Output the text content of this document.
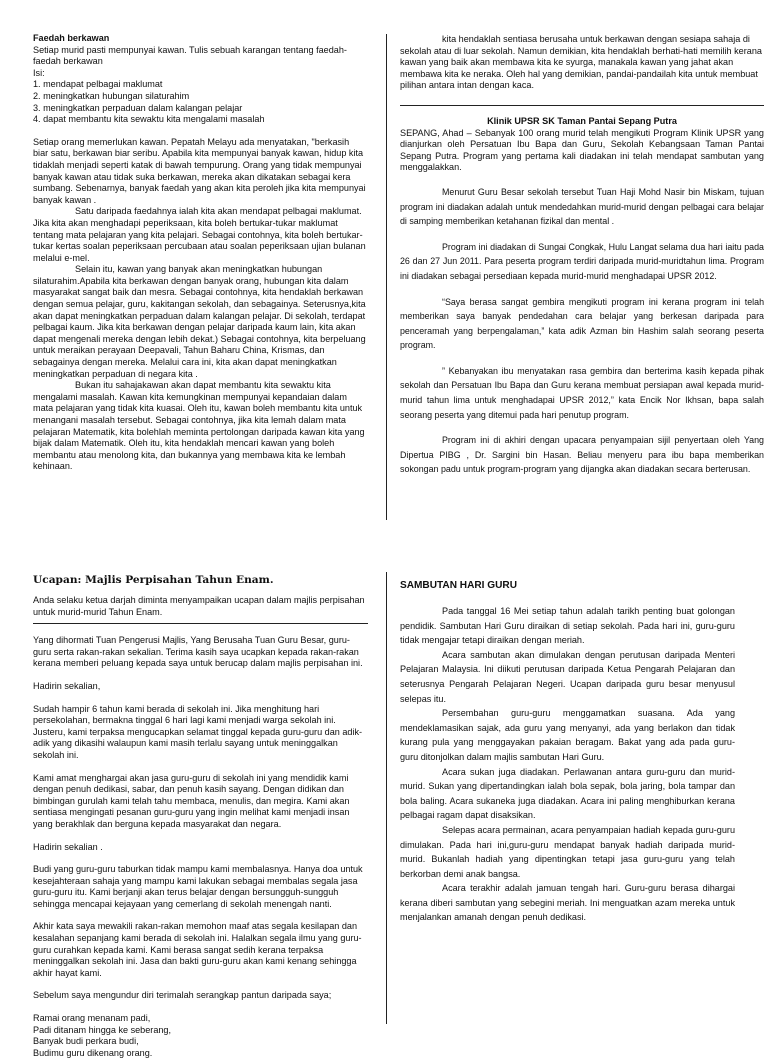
Faedah berkawan

Setiap murid pasti mempunyai kawan. Tulis sebuah karangan tentang faedah-faedah berkawan

Isi:

1. mendapat pelbagai maklumat

2. meningkatkan hubungan silaturahim

3. meningkatkan perpaduan dalam kalangan pelajar

4. dapat membantu kita sewaktu kita mengalami masalah

Setiap orang memerlukan kawan. Pepatah Melayu ada menyatakan, "berkasih biar satu, berkawan biar seribu. Apabila kita mempunyai banyak kawan, hidup kita tidaklah menjadi seperti katak di bawah tempurung. Orang yang tidak mempunyai banyak kawan atau tidak suka berkawan, mereka akan dikatakan sebagai kera sumbang. Sebenarnya, banyak faedah yang akan kita peroleh jika kita mempunyai banyak kawan .

Satu daripada faedahnya ialah kita akan mendapat pelbagai maklumat. Jika kita akan menghadapi peperiksaan, kita boleh bertukar-tukar maklumat tentang mata pelajaran yang kita pelajari. Sebagai contohnya, kita boleh bertukar-tukar kertas soalan peperiksaan percubaan atau soalan peperiksaan ujian bulanan melalui e-mel.

Selain itu, kawan yang banyak akan meningkatkan hubungan silaturahim.Apabila kita berkawan dengan banyak orang, hubungan kita dalam masyarakat sangat baik dan mesra. Sebagai contohnya, kita hendaklah berkawan dengan semua pelajar, guru, kakitangan sekolah, dan sebagainya. Seterusnya,kita akan dapat meningkatkan perpaduan dalam kalangan pelajar. Di sekolah, terdapat pelbagai kaum. Jika kita berkawan dengan pelajar daripada kaum lain, kita akan dapat mengenali mereka dengan lebih dekat.) Sebagai contohnya, kita berpeluang untuk meraikan perayaan Deepavali, Tahun Baharu China, Krismas, dan sebagainya dengan mereka. Melalui cara ini, kita akan dapat meningkatkan meningkatkan perpaduan di negara kita .

Bukan itu sahajakawan akan dapat membantu kita sewaktu kita mengalami masalah. Kawan kita kemungkinan mempunyai kepandaian dalam mata pelajaran yang tidak kita kuasai. Oleh itu, kawan boleh membantu kita untuk menangani masalah tersebut. Sebagai contohnya, jika kita lemah dalam mata pelajaran Matematik, kita bolehlah meminta pertolongan daripada kawan kita yang bijak dalam Matematik. Oleh itu, kita hendaklah mencari kawan yang boleh membantu atau menolong kita, dan bukannya yang membawa kita ke lembah kehinaan.

kita hendaklah sentiasa berusaha untuk berkawan dengan sesiapa sahaja di sekolah atau di luar sekolah. Namun demikian, kita hendaklah berhati-hati memilih kerana kawan yang baik akan membawa kita ke syurga, manakala kawan yang jahat akan membawa kita ke neraka. Oleh hal yang demikian, pandai-pandailah kita untuk membuat pilihan antara intan dengan kaca.

Klinik UPSR SK Taman Pantai Sepang Putra

SEPANG, Ahad – Sebanyak 100 orang murid telah mengikuti Program Klinik UPSR yang dianjurkan oleh Persatuan Ibu Bapa dan Guru, Sekolah Kebangsaan Taman Pantai Sepang Putra. Program yang pertama kali diadakan ini telah mendapat sambutan yang menggalakkan.

Menurut Guru Besar sekolah tersebut Tuan Haji Mohd Nasir bin Miskam, tujuan program ini diadakan adalah untuk mendedahkan murid-murid dengan pelbagai cara belajar di samping memberikan ketahanan fizikal dan mental .

Program ini diadakan di Sungai Congkak, Hulu Langat selama dua hari iaitu pada 26 dan 27 Jun 2011. Para peserta program terdiri daripada murid-muridtahun lima. Program ini diadakan sebagai persediaan kepada murid-murid menghadapai UPSR 2012.

“Saya berasa sangat gembira mengikuti program ini kerana program ini telah memberikan saya banyak pendedahan cara belajar yang berkesan daripada para penceramah yang berpengalaman,” kata adik Azman bin Hashim salah seorang peserta program.

” Kebanyakan ibu menyatakan rasa gembira dan berterima kasih kepada pihak sekolah dan Persatuan Ibu Bapa dan Guru kerana membuat persiapan awal kepada murid-murid tahun lima untuk menghadapai UPSR 2012,” kata Encik Nor Ikhsan, bapa salah seorang peserta yang ditemui pada hari penutup program.

Program ini di akhiri dengan upacara penyampaian sijil penyertaan oleh Yang Dipertua PIBG , Dr. Sargini bin Hasan. Beliau menyeru para ibu bapa memberikan sokongan padu untuk program-program yang dijangka akan diadakan secara berterusan.

Ucapan: Majlis Perpisahan Tahun Enam.

Anda selaku ketua darjah diminta menyampaikan ucapan dalam majlis perpisahan untuk murid-murid Tahun Enam.

Yang dihormati Tuan Pengerusi Majlis, Yang Berusaha Tuan Guru Besar, guru-guru serta rakan-rakan sekalian. Terima kasih saya ucapkan kepada rakan-rakan kerana memberi peluang kepada saya untuk berucap dalam majlis perpisahan ini.

Hadirin sekalian,

Sudah hampir 6 tahun kami berada di sekolah ini. Jika menghitung hari persekolahan, bermakna tinggal 6 hari lagi kami menjadi warga sekolah ini. Justeru, kami terpaksa mengucapkan selamat tinggal kepada guru-guru dan adik-adik yang dikasihi walaupun kami masih terlalu sayang untuk meninggalkan sekolah ini.

Kami amat menghargai akan jasa guru-guru di sekolah ini yang mendidik kami dengan penuh dedikasi, sabar, dan penuh kasih sayang. Dengan didikan dan bimbingan gurulah kami telah tahu membaca, menulis, dan megira. Kami akan sentiasa mengingati pesanan guru-guru yang ingin melihat kami menjadi insan yang berakhlak dan berguna kepada masyarakat dan negara.

Hadirin sekalian .

Budi yang guru-guru taburkan tidak mampu kami membalasnya. Hanya doa untuk kesejahteraan sahaja yang mampu kami lakukan sebagai membalas segala jasa guru-guru itu. Kami berjanji akan terus belajar dengan bersungguh-sungguh sehingga mencapai kejayaan yang cemerlang di sekolah menengah nanti.

Akhir kata saya mewakili rakan-rakan memohon maaf atas segala kesilapan dan kesalahan sepanjang kami berada di sekolah ini. Halalkan segala ilmu yang guru-guru curahkan kepada kami. Kami berasa sangat sedih kerana terpaksa meninggalkan sekolah ini. Jasa dan bakti guru-guru akan kami kenang sehingga akhir hayat kami.

Sebelum saya mengundur diri terimalah serangkap pantun daripada saya;

Ramai orang menanam padi,

Padi ditanam hingga ke seberang,

Banyak budi perkara budi,

Budimu guru dikenang orang.

SAMBUTAN HARI GURU

Pada tanggal 16 Mei setiap tahun adalah tarikh penting buat golongan pendidik. Sambutan Hari Guru diraikan di setiap sekolah. Pada hari ini, guru-guru tidak mengajar tetapi diraikan dengan meriah.

Acara sambutan akan dimulakan dengan perutusan daripada Menteri Pelajaran Malaysia. Ini diikuti perutusan daripada Ketua Pengarah Pelajaran dan seterusnya Pengarah Pelajaran Negeri. Ucapan daripada guru besar menyusul selepas itu.

Persembahan guru-guru menggamatkan suasana. Ada yang mendeklamasikan sajak, ada guru yang menyanyi, ada yang berlakon dan tidak kurang pula yang menggayakan pakaian beragam. Bakat yang ada pada guru-guru ditonjolkan dalam majlis sambutan Hari Guru.

Acara sukan juga diadakan. Perlawanan antara guru-guru dan murid-murid. Sukan yang dipertandingkan ialah bola sepak, bola jaring, bola tampar dan bola baling. Acara sukaneka juga diadakan. Acara ini paling menghiburkan kerana pelbagai ragam dapat disaksikan.

Selepas acara permainan, acara penyampaian hadiah kepada guru-guru dimulakan. Pada hari ini,guru-guru mendapat banyak hadiah daripada murid-murid. Bukanlah hadiah yang dipentingkan tetapi jasa guru-guru yang telah berkorban demi anak bangsa.

Acara terakhir adalah jamuan tengah hari. Guru-guru berasa dihargai kerana diberi sambutan yang sebegini meriah. Ini menguatkan azam mereka untuk menjalankan amanah dengan penuh dedikasi.
